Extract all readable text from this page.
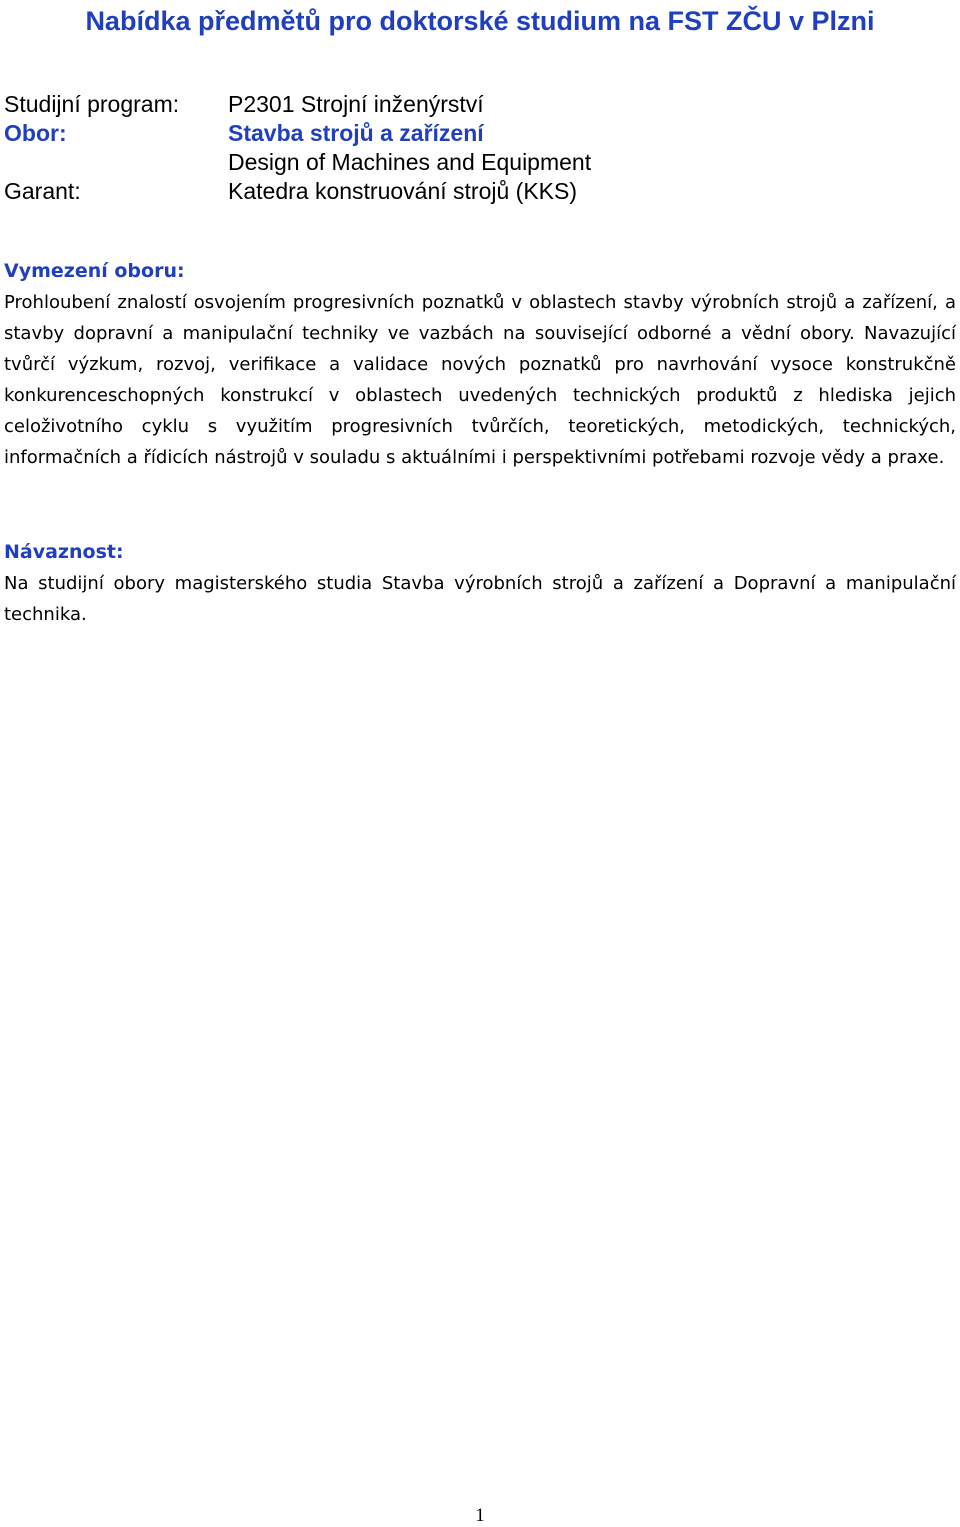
Nabídka předmětů pro doktorské studium na FST ZČU v Plzni
Studijní program:	P2301 Strojní inženýrství
Obor:	Stavba strojů a zařízení
Design of Machines and Equipment
Garant:	Katedra konstruování strojů (KKS)
Vymezení oboru:

Prohloubení znalostí osvojením progresivních poznatků v oblastech stavby výrobních strojů a zařízení, a stavby dopravní a manipulační techniky ve vazbách na související odborné a vědní obory. Navazující tvůrčí výzkum, rozvoj, verifikace a validace nových poznatků pro navrhování vysoce konstrukčně konkurenceschopných konstrukcí v oblastech uvedených technických produktů z hlediska jejich celoživotního cyklu s využitím progresivních tvůrčích, teoretických, metodických, technických, informačních a řídicích nástrojů v souladu s aktuálními i perspektivními potřebami rozvoje vědy a praxe.

Návaznost:

Na studijní obory magisterského studia Stavba výrobních strojů a zařízení a Dopravní a manipulační technika.

1
